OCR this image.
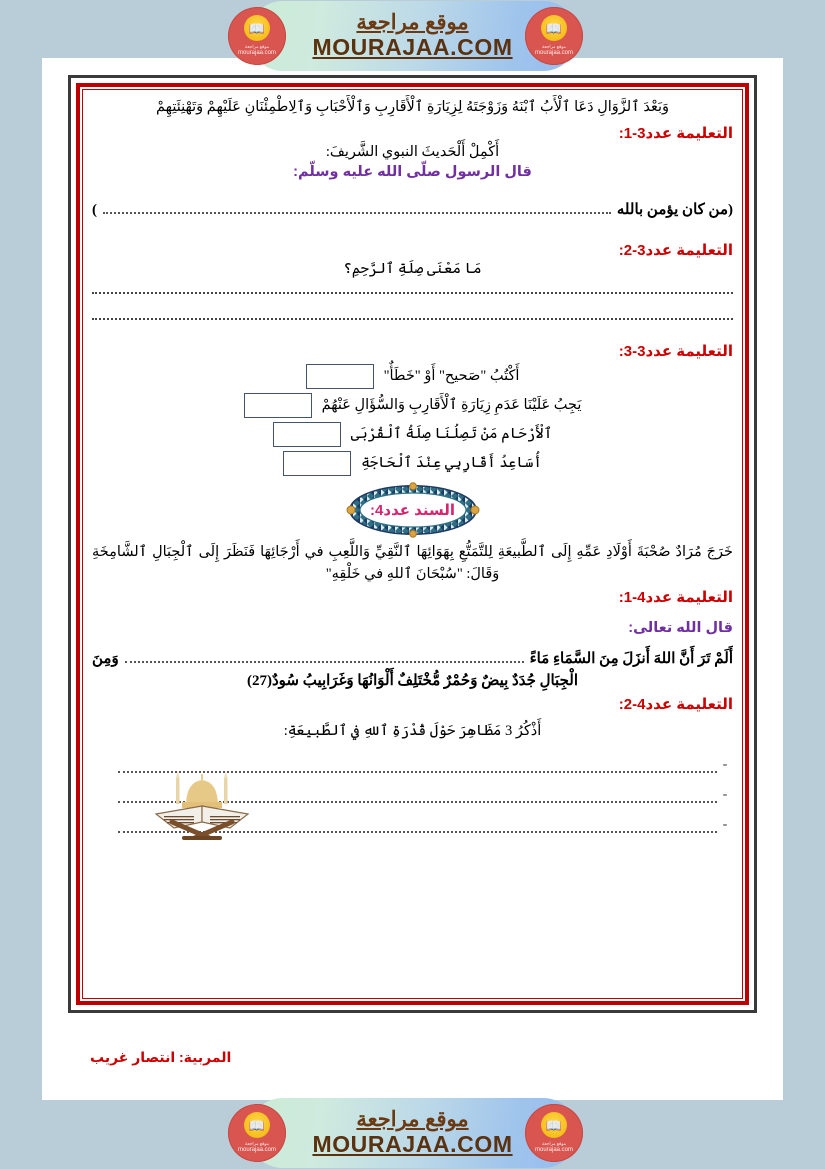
📖
موقع مراجعة
mourajaa.com
موقع مراجعة
MOURAJAA.COM
📖
موقع مراجعة
mourajaa.com
وَبَعْدَ ٱلزَّوَالِ دَعَا ٱلْأَبُ ٱبْنَهُ وَزَوْجَتَهُ لِزِيَارَةِ ٱلْأَقَارِبِ وَٱلْأَحْبَابِ وَٱلِاطْمِئْنَانِ عَلَيْهِمْ وَتَهْنِئَتِهِمْ
التعليمة عدد3-1:
أَكْمِلْ أَلْحَديثَ النبوي الشَّريفَ:
قال الرسول صلّى الله عليه وسلّم:
(من كان يؤمن بالله
)
التعليمة عدد3-2:
مَا مَعْنَى صِلَةِ ٱلرَّحِمِ؟
التعليمة عدد3-3:
أَكْتُبُ "صَحيح" أَوْ "خَطَأٌ"
يَجِبُ عَلَيْنَا عَدَمِ زِيَارَةِ ٱلْأَقَارِبِ وَالسُّؤَالِ عَنْهُمْ
ٱلْأَرْحَام مَنْ تَصِلُنَا صِلَةُ ٱلْقُرْبَى
أُسَاعِدُ أَقَارِبِي عِنْدَ ٱلْحَاجَةِ
السند عدد4:
خَرَجَ مُرَادٌ صُحْبَةَ أَوْلَادِ عَمِّهِ إِلَى ٱلطَّبيعَةِ لِلتَّمَتُّعِ بِهَوَائِهَا ٱلنَّقِيِّ وَاللَّعِبِ في أَرْجَائِهَا فَنَظَرَ إِلَى ٱلْجِبَالِ ٱلشَّامِخَةِ وَقَالَ: "سُبْحَانَ ٱللهِ في خَلْقِهِ"
التعليمة عدد4-1:
قال الله تعالى:
أَلَمْ تَرَ أَنَّ اللهَ أَنزَلَ مِنَ السَّمَاءِ مَاءً
وَمِنَ
الْجِبَالِ جُدَدٌ بِيضٌ وَحُمْرٌ مُّخْتَلِفٌ أَلْوَانُهَا وَغَرَابِيبُ سُودٌ(27)
التعليمة عدد4-2:
أَذْكُرُ 3 مَظَاهِرَ حَوْلَ قُدْرَةِ ٱللهِ في ٱلطَّبيعَةِ:
-
-
-
المربية: انتصار غريب
📖
موقع مراجعة
mourajaa.com
موقع مراجعة
MOURAJAA.COM
📖
موقع مراجعة
mourajaa.com
